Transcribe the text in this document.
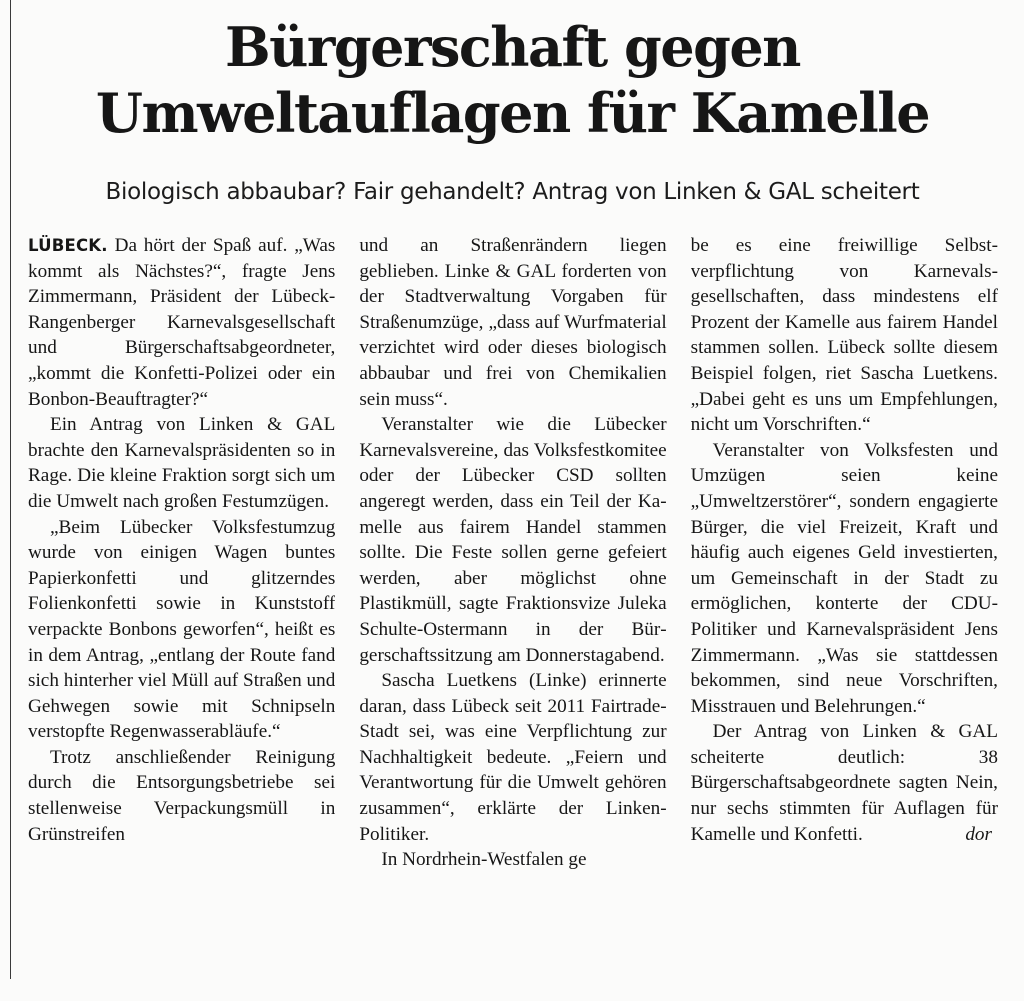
Bürgerschaft gegen
Umweltauflagen für Kamelle
Biologisch abbaubar? Fair gehandelt? Antrag von Linken & GAL scheitert

LÜBECK. Da hört der Spaß auf. „Was kommt als Nächstes?“, fragte Jens Zimmermann, Präsident der Lübeck-Rangenberger Karnevalsgesellschaft und Bürgerschaftsabgeordneter, „kommt die Konfetti-Polizei oder ein Bonbon-Beauftragter?“

Ein Antrag von Linken & GAL brachte den Karnevalspräsidenten so in Rage. Die kleine Fraktion sorgt sich um die Umwelt nach großen Festumzügen.

„Beim Lübecker Volksfestumzug wurde von einigen Wagen buntes Papierkonfetti und glitzerndes Folienkonfetti sowie in Kunststoff verpackte Bonbons geworfen“, heißt es in dem Antrag, „entlang der Route fand sich hinterher viel Müll auf Straßen und Gehwegen sowie mit Schnipseln verstopfte Regenwasserabläufe.“

Trotz anschließender Reinigung durch die Entsorgungsbetriebe sei stellenweise Verpackungsmüll in Grünstreifen

und an Straßenrändern liegen geblieben. Linke & GAL forderten von der Stadtverwaltung Vorgaben für Straßenumzüge, „dass auf Wurfmaterial verzichtet wird oder dieses biologisch abbaubar und frei von Chemikalien sein muss“.

Veranstalter wie die Lübecker Karnevalsvereine, das Volksfestkomitee oder der Lübecker CSD sollten angeregt werden, dass ein Teil der Kamelle aus fairem Handel stammen sollte. Die Feste sollen gerne gefeiert werden, aber möglichst ohne Plastikmüll, sagte Fraktionsvize Juleka Schulte-Ostermann in der Bürgerschaftssitzung am Donnerstagabend.

Sascha Luetkens (Linke) erinnerte daran, dass Lübeck seit 2011 Fairtrade-Stadt sei, was eine Verpflichtung zur Nachhaltigkeit bedeute. „Feiern und Verantwortung für die Umwelt gehören zusammen“, erklärte der Linken-Politiker.

In Nordrhein-Westfalen ge

be es eine freiwillige Selbstverpflichtung von Karnevalsgesellschaften, dass mindestens elf Prozent der Kamelle aus fairem Handel stammen sollen. Lübeck sollte diesem Beispiel folgen, riet Sascha Luetkens. „Dabei geht es uns um Empfehlungen, nicht um Vorschriften.“

Veranstalter von Volksfesten und Umzügen seien keine „Umweltzerstörer“, sondern engagierte Bürger, die viel Freizeit, Kraft und häufig auch eigenes Geld investierten, um Gemeinschaft in der Stadt zu ermöglichen, konterte der CDU-Politiker und Karnevalspräsident Jens Zimmermann. „Was sie stattdessen bekommen, sind neue Vorschriften, Misstrauen und Belehrungen.“

Der Antrag von Linken & GAL scheiterte deutlich: 38 Bürgerschaftsabgeordnete sagten Nein, nur sechs stimmten für Auflagen für Kamelle und Konfetti.	dor
